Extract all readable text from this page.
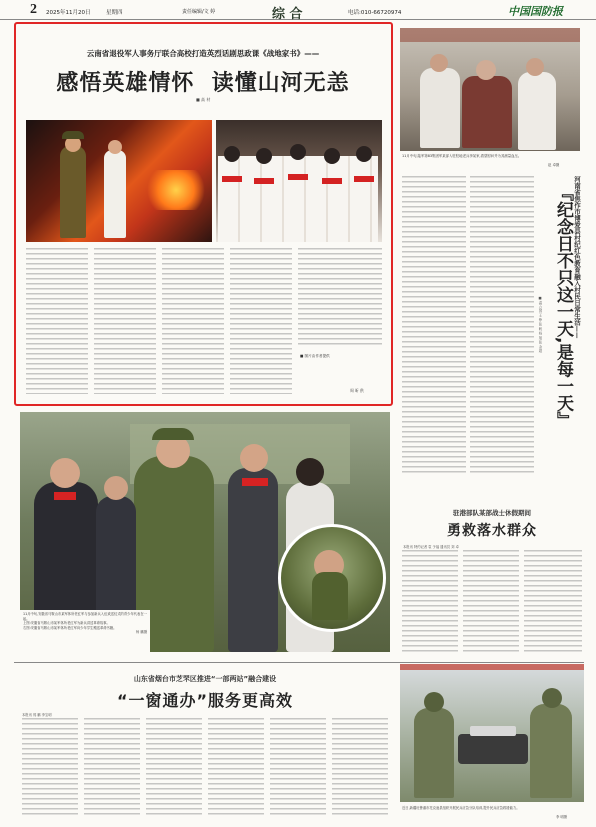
2 2025年11月20日	星期四	责任编辑/文 婷	综 合	电话:010-66720974	中国国防报
云南省退役军人事务厅联合高校打造英烈话剧思政课《战地家书》——
感悟英雄情怀  读懂山河无恙
■ 高 材
■ 图片由作者提供
周 昕 供
11月中旬,陆军第83集团军某部入驻驻地老兵李某家,看望慰问并为其测量血压。
赵 卓摄
河南省焦作市博爱县村纪红色教育融入村民日常生活——
『纪念日不只这一天,是每一天』
■ 温 立国 王 铮 张 帆 杨 旭 张 金 超
11月中旬,安徽省马鞍山市某军休所老红军与参加新兵入伍欢送仪式的青少年代表在一起。
上图:安徽省马鞍山市某军休所老红军为新兵讲述革命故事。
右图:安徽省马鞍山市某军休所老红军向少年学生赠送革命书籍。
杨 鹏摄
驻港部队某部战士休假期间
勇救落水群众
本报讯 特约记者 袁 予福 通讯员 刘 卓
山东省烟台市芝罘区推进“一部两站”融合建设
“一窗通办”服务更高效
本报讯 郭 鹏 李宝明
近日,新疆吐鲁番市托克逊县组织开展民兵应急分队培训,提升民兵应急救援能力。
李 明摄
